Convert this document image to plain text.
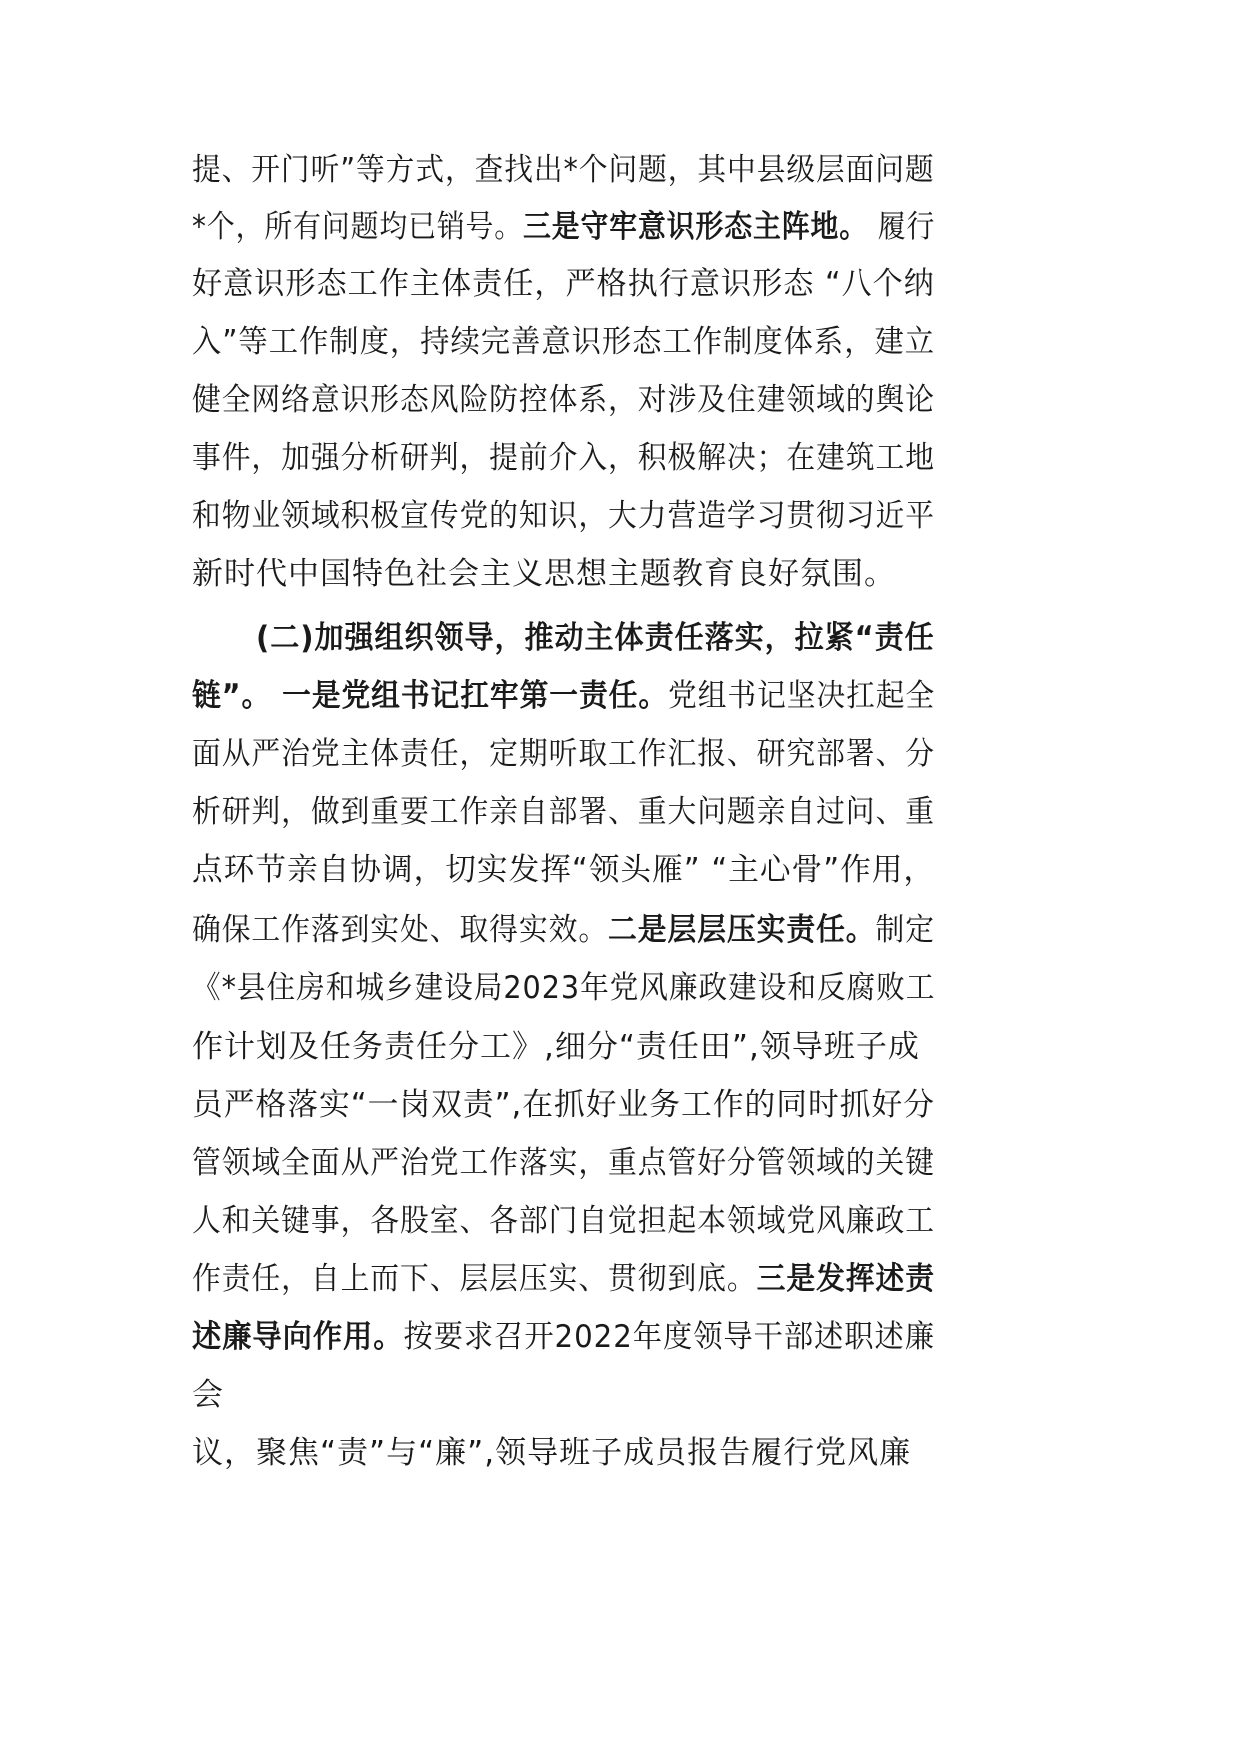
提、开门听”等方式，查找出*个问题，其中县级层面问题
*个，所有问题均已销号。三是守牢意识形态主阵地。 履行
好意识形态工作主体责任，严格执行意识形态 “八个纳
入”等工作制度，持续完善意识形态工作制度体系，建立
健全网络意识形态风险防控体系，对涉及住建领域的舆论
事件，加强分析研判，提前介入，积极解决；在建筑工地
和物业领域积极宣传党的知识，大力营造学习贯彻习近平
新时代中国特色社会主义思想主题教育良好氛围。
(二)加强组织领导，推动主体责任落实，拉紧“责任
链”。 一是党组书记扛牢第一责任。党组书记坚决扛起全
面从严治党主体责任，定期听取工作汇报、研究部署、分
析研判，做到重要工作亲自部署、重大问题亲自过问、重
点环节亲自协调，切实发挥“领头雁” “主心骨”作用，
确保工作落到实处、取得实效。二是层层压实责任。制定
《*县住房和城乡建设局2023年党风廉政建设和反腐败工
作计划及任务责任分工》,细分“责任田”,领导班子成
员严格落实“一岗双责”,在抓好业务工作的同时抓好分
管领域全面从严治党工作落实，重点管好分管领域的关键
人和关键事，各股室、各部门自觉担起本领域党风廉政工
作责任，自上而下、层层压实、贯彻到底。三是发挥述责
述廉导向作用。按要求召开2022年度领导干部述职述廉
会
议，聚焦“责”与“廉”,领导班子成员报告履行党风廉
